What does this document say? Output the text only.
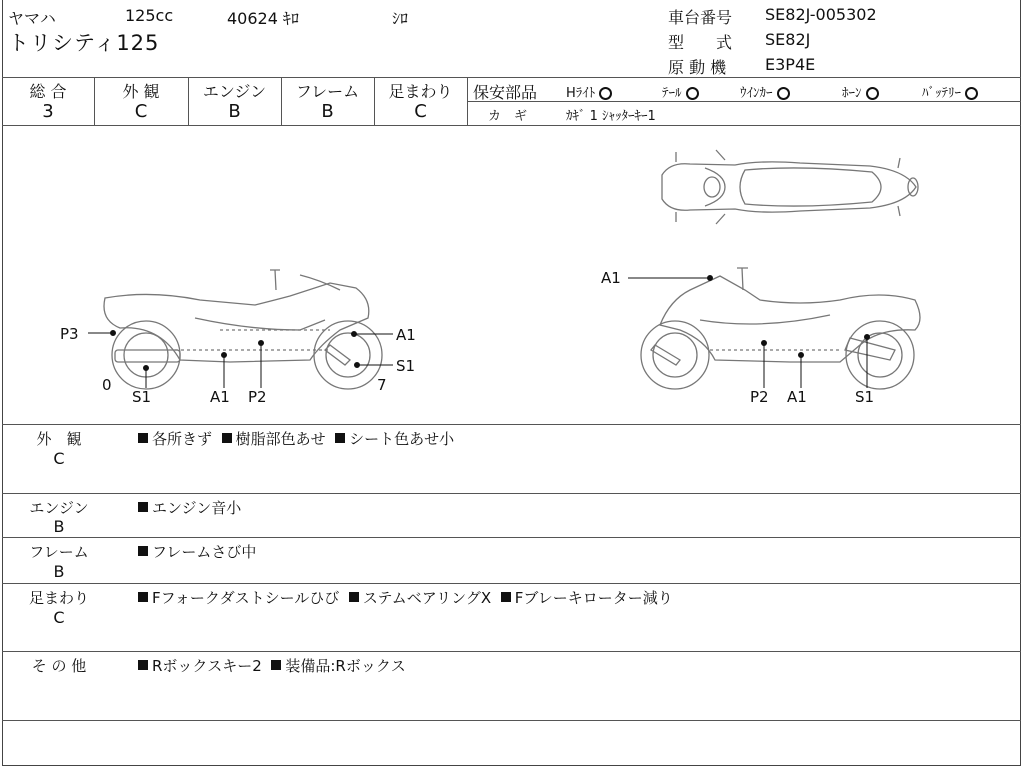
ヤマハ	125cc	40624 ｷﾛ	ｼﾛ
トリシティ125
車台番号 SE82J-005302
型　　式 SE82J
原 動 機 E3P4E
総 合
3
外 観
C
エンジン
B
フレーム
B
足まわり
C
保安部品 Hﾗｲﾄ	ﾃｰﾙ	ｳｲﾝｶｰ	ﾎｰﾝ	ﾊﾞｯﾃﾘｰ
カ　ギ	ｶｷﾞ 1 ｼｬｯﾀｰｷｰ1
P3	A1
S1
0	7
S1	A1 P2
A1
P2 A1	S1
外　観
C
各所きず 樹脂部色あせ シート色あせ小
エンジン
B
エンジン音小
フレーム
B
フレームさび中
足まわり
C
Fフォークダストシールひび ステムベアリングX Fブレーキローター減り
そ の 他	Rボックスキー2 装備品:Rボックス
